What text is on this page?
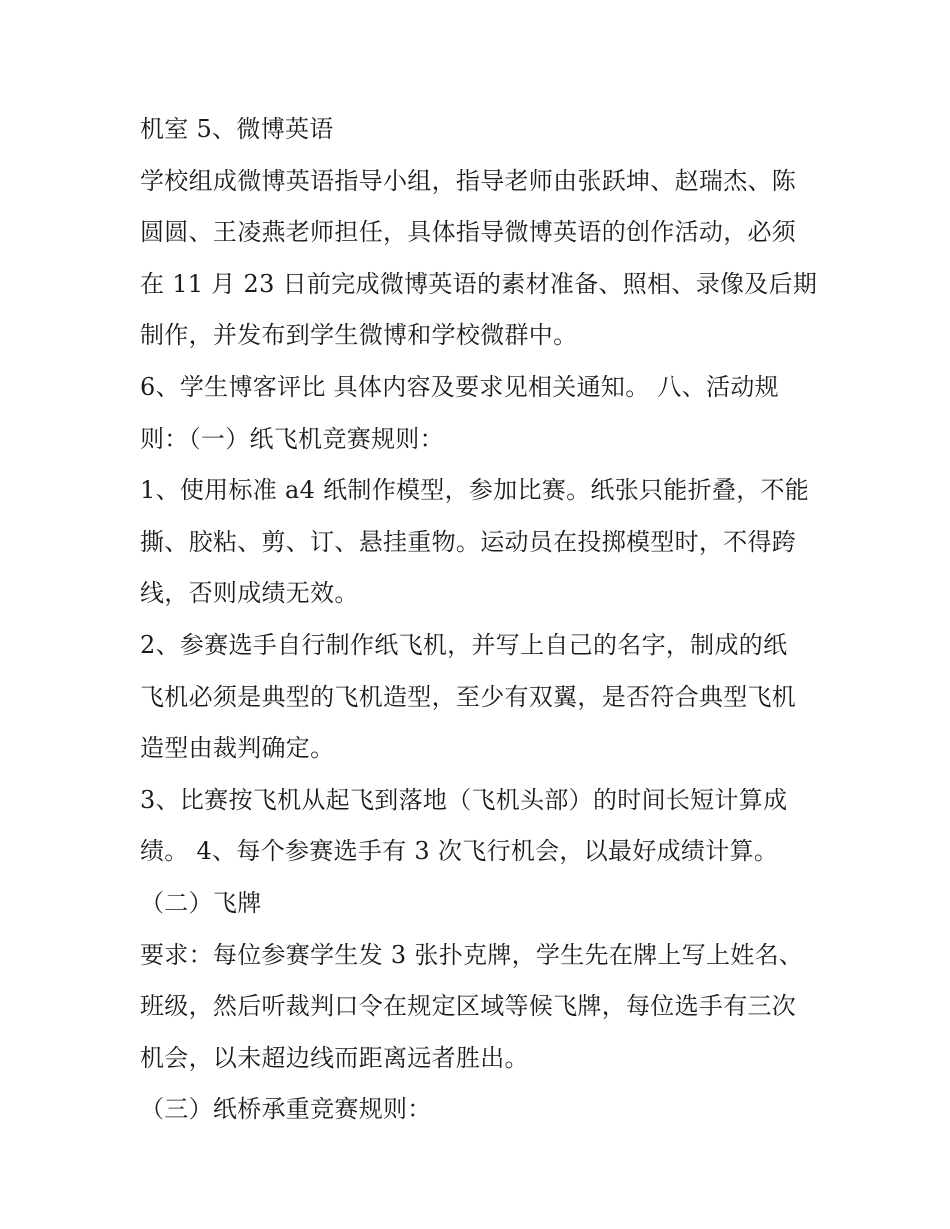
机室 5、微博英语
学校组成微博英语指导小组，指导老师由张跃坤、赵瑞杰、陈
圆圆、王凌燕老师担任，具体指导微博英语的创作活动，必须
在 11 月 23 日前完成微博英语的素材准备、照相、录像及后期
制作，并发布到学生微博和学校微群中。
6、学生博客评比 具体内容及要求见相关通知。 八、活动规
则：（一）纸飞机竞赛规则：
1、使用标准 a4 纸制作模型，参加比赛。纸张只能折叠，不能
撕、胶粘、剪、订、悬挂重物。运动员在投掷模型时，不得跨
线，否则成绩无效。
2、参赛选手自行制作纸飞机，并写上自己的名字，制成的纸
飞机必须是典型的飞机造型，至少有双翼，是否符合典型飞机
造型由裁判确定。
3、比赛按飞机从起飞到落地（飞机头部）的时间长短计算成
绩。 4、每个参赛选手有 3 次飞行机会，以最好成绩计算。
（二）飞牌
要求：每位参赛学生发 3 张扑克牌，学生先在牌上写上姓名、
班级，然后听裁判口令在规定区域等候飞牌，每位选手有三次
机会，以未超边线而距离远者胜出。
（三）纸桥承重竞赛规则：
